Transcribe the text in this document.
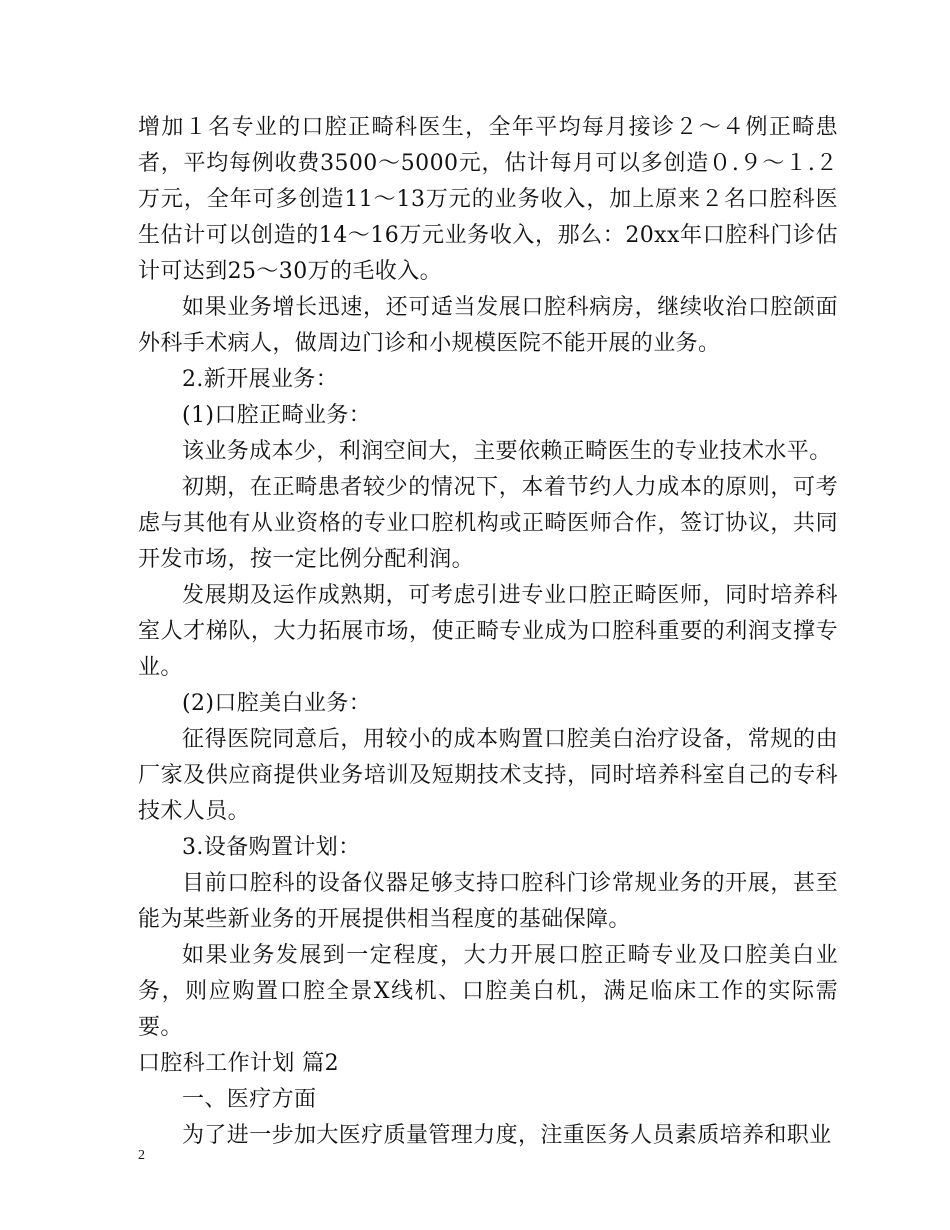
增加１名专业的口腔正畸科医生，全年平均每月接诊２～４例正畸患者，平均每例收费3500～5000元，估计每月可以多创造０.９～１.２万元，全年可多创造11～13万元的业务收入，加上原来２名口腔科医生估计可以创造的14～16万元业务收入，那么：20xx年口腔科门诊估计可达到25～30万的毛收入。

如果业务增长迅速，还可适当发展口腔科病房，继续收治口腔颌面外科手术病人，做周边门诊和小规模医院不能开展的业务。

2.新开展业务：

(1)口腔正畸业务：

该业务成本少，利润空间大，主要依赖正畸医生的专业技术水平。

初期，在正畸患者较少的情况下，本着节约人力成本的原则，可考虑与其他有从业资格的专业口腔机构或正畸医师合作，签订协议，共同开发市场，按一定比例分配利润。

发展期及运作成熟期，可考虑引进专业口腔正畸医师，同时培养科室人才梯队，大力拓展市场，使正畸专业成为口腔科重要的利润支撑专业。

(2)口腔美白业务：

征得医院同意后，用较小的成本购置口腔美白治疗设备，常规的由厂家及供应商提供业务培训及短期技术支持，同时培养科室自己的专科技术人员。

3.设备购置计划：

目前口腔科的设备仪器足够支持口腔科门诊常规业务的开展，甚至能为某些新业务的开展提供相当程度的基础保障。

如果业务发展到一定程度，大力开展口腔正畸专业及口腔美白业务，则应购置口腔全景X线机、口腔美白机，满足临床工作的实际需要。

口腔科工作计划 篇2

一、医疗方面

为了进一步加大医疗质量管理力度，注重医务人员素质培养和职业

2
